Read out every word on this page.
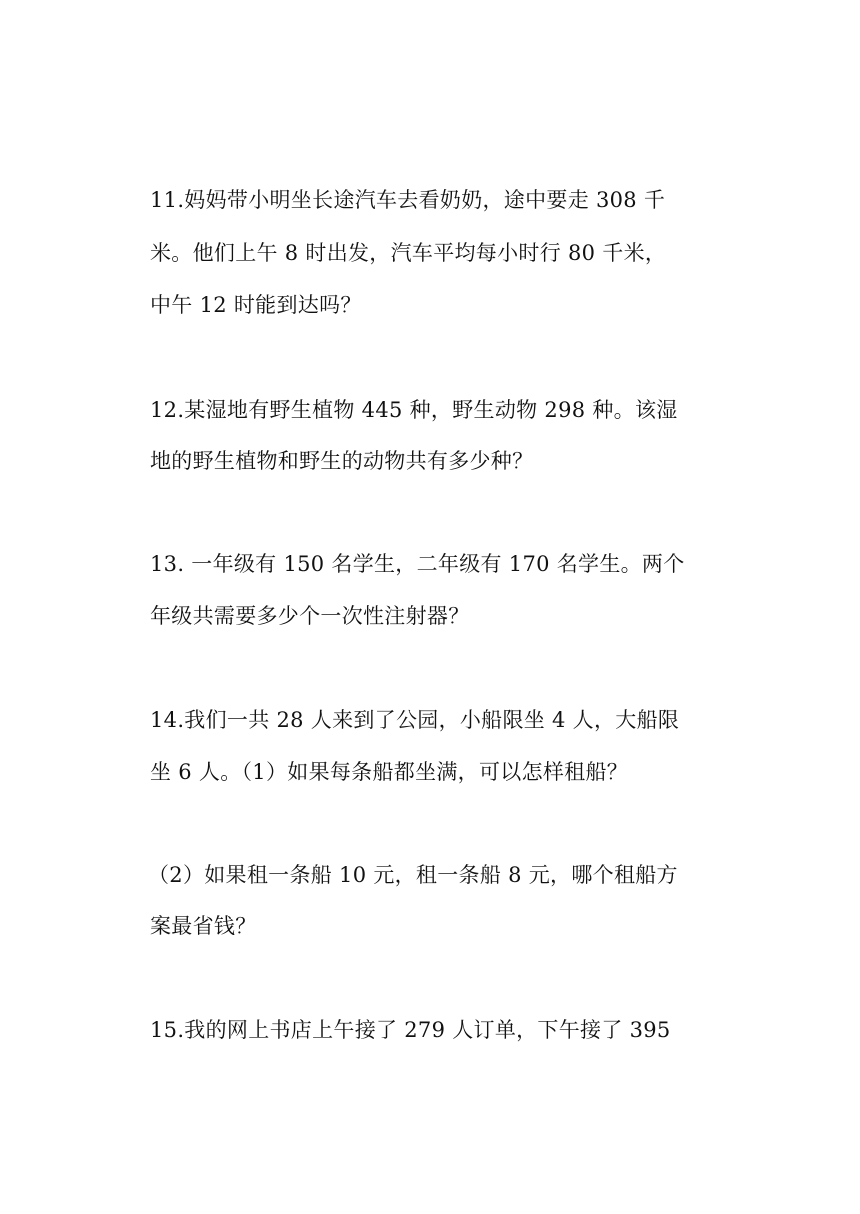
11.妈妈带小明坐长途汽车去看奶奶，途中要走 308 千
米。他们上午 8 时出发，汽车平均每小时行 80 千米，
中午 12 时能到达吗？
12.某湿地有野生植物 445 种，野生动物 298 种。该湿
地的野生植物和野生的动物共有多少种？
13. 一年级有 150 名学生，二年级有 170 名学生。两个
年级共需要多少个一次性注射器？
14.我们一共 28 人来到了公园，小船限坐 4 人，大船限
坐 6 人。（1）如果每条船都坐满，可以怎样租船？
（2）如果租一条船 10 元，租一条船 8 元，哪个租船方
案最省钱？
15.我的网上书店上午接了 279 人订单，下午接了 395
